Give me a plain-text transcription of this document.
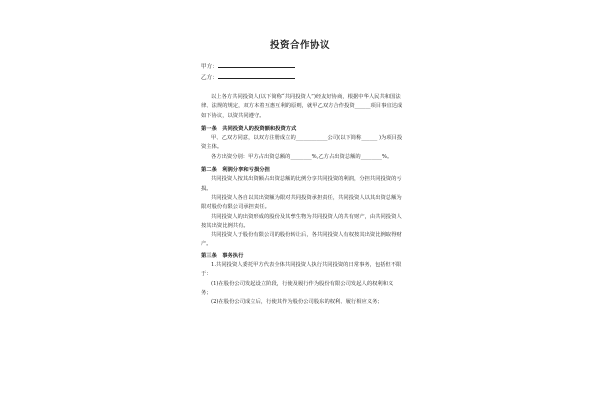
投资合作协议
甲方：
乙方：

以上各方共同投资人(以下简称“共同投资人”)经友好协商，根据中华人民共和国法律、法规的规定，双方本着互惠互利的原则，就甲乙双方合作投资______项目事宜达成如下协议，以资共同遵守。

第一条　共同投资人的投资额和投资方式

甲、乙双方同意，以双方注册成立的____________公司(以下简称______ )为项目投资主体。

各方出资分别：甲方占出资总额的________%,乙方占出资总额的________%。

第二条　利润分享和亏损分担

共同投资人按其出资额占出资总额的比例分享共同投资的利润，分担共同投资的亏损。

共同投资人各自以其出资额为限对共同投资承担责任，共同投资人以其出资总额为限对股份有限公司承担责任。

共同投资人的出资形成的股份及其孳生物为共同投资人的共有财产，由共同投资人按其出资比例共有。

共同投资人于股份有限公司的股份转让后，各共同投资人有权按其出资比例取得财产。

第三条　事务执行

1.共同投资人委托甲方代表全体共同投资人执行共同投资的日常事务，包括但不限于：

(1)在股份公司发起设立阶段，行使及履行作为股份有限公司发起人的权利和义务；

(2)在股份公司成立后，行使其作为股份公司股东的权利、履行相应义务；
